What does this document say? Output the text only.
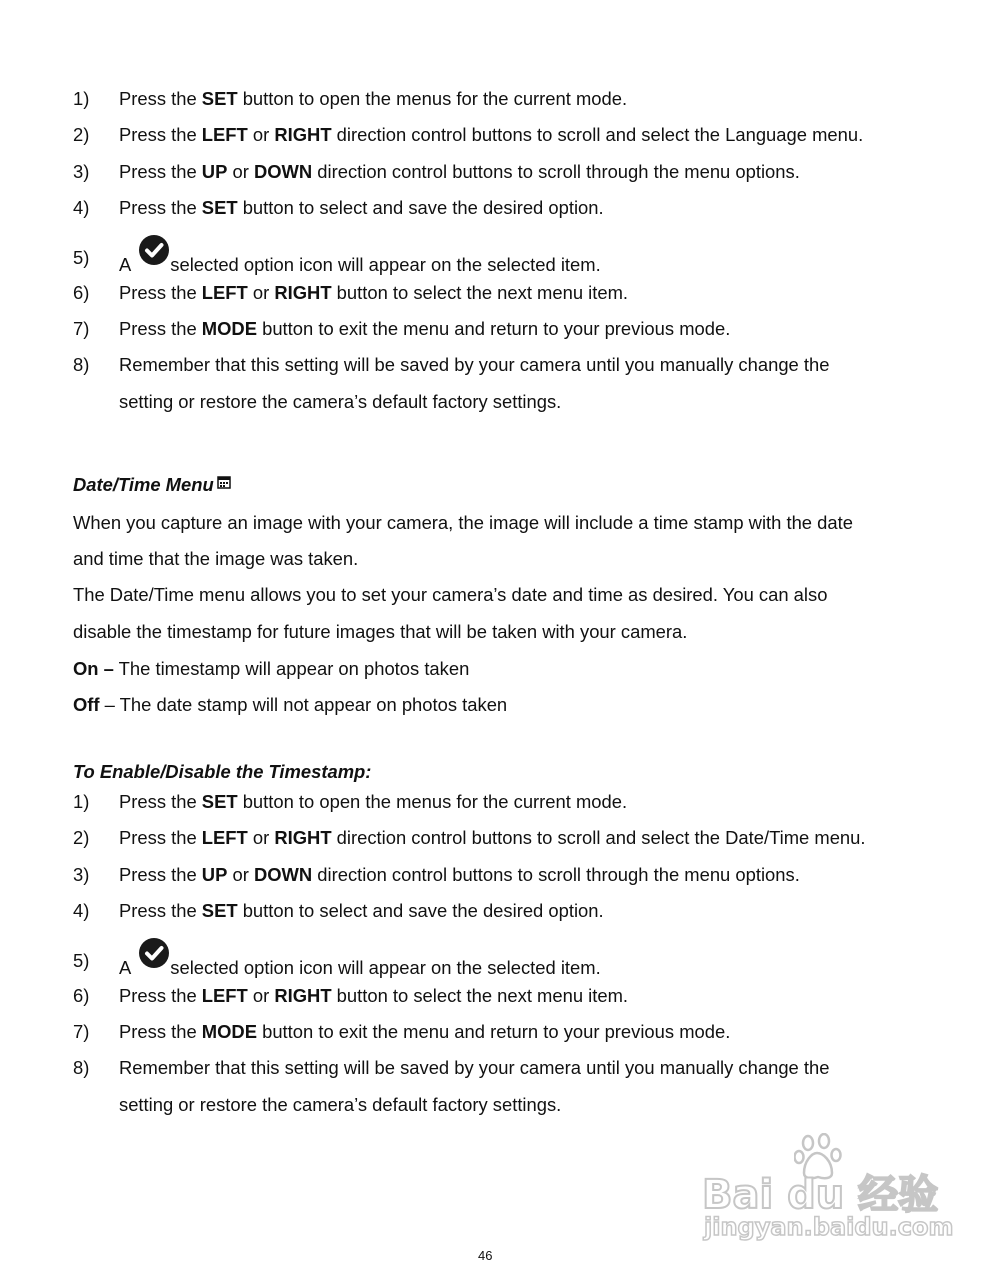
1) Press the SET button to open the menus for the current mode.
2) Press the LEFT or RIGHT direction control buttons to scroll and select the Language menu.
3) Press the UP or DOWN direction control buttons to scroll through the menu options.
4) Press the SET button to select and save the desired option.
5) A selected option icon will appear on the selected item.
6) Press the LEFT or RIGHT button to select the next menu item.
7) Press the MODE button to exit the menu and return to your previous mode.
8) Remember that this setting will be saved by your camera until you manually change the
setting or restore the camera’s default factory settings.
Date/Time Menu
When you capture an image with your camera, the image will include a time stamp with the date
and time that the image was taken.
The Date/Time menu allows you to set your camera’s date and time as desired. You can also
disable the timestamp for future images that will be taken with your camera.
On – The timestamp will appear on photos taken
Off – The date stamp will not appear on photos taken
To Enable/Disable the Timestamp:
1) Press the SET button to open the menus for the current mode.
2) Press the LEFT or RIGHT direction control buttons to scroll and select the Date/Time menu.
3) Press the UP or DOWN direction control buttons to scroll through the menu options.
4) Press the SET button to select and save the desired option.
5) A selected option icon will appear on the selected item.
6) Press the LEFT or RIGHT button to select the next menu item.
7) Press the MODE button to exit the menu and return to your previous mode.
8) Remember that this setting will be saved by your camera until you manually change the
setting or restore the camera’s default factory settings.
Bai du 经验
jingyan.baidu.com
46
